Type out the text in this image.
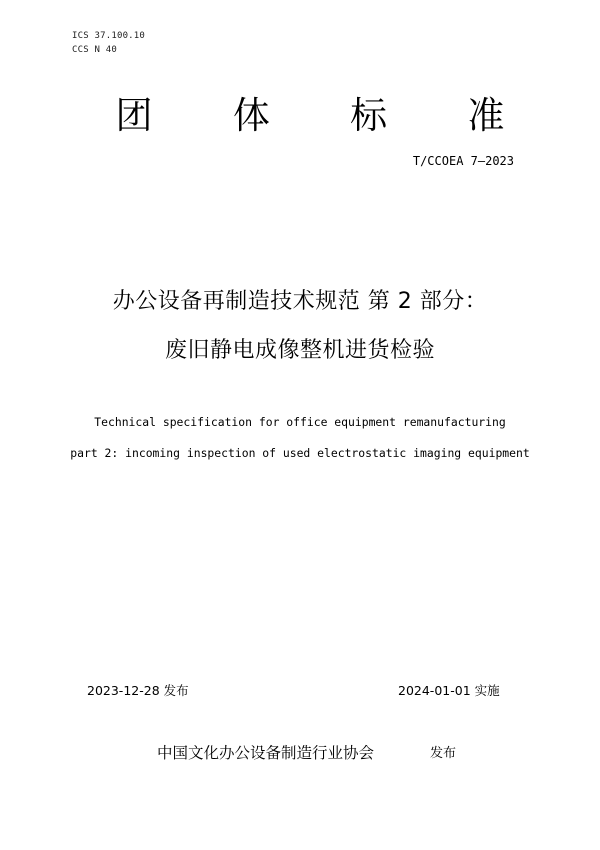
ICS 37.100.10
CCS N 40
团 体 标 准
T/CCOEA 7—2023
办公设备再制造技术规范 第 2 部分：
废旧静电成像整机进货检验
Technical specification for office equipment remanufacturing
part 2: incoming inspection of used electrostatic imaging equipment
2023-12-28 发布	2024-01-01 实施
中国文化办公设备制造行业协会	发布
